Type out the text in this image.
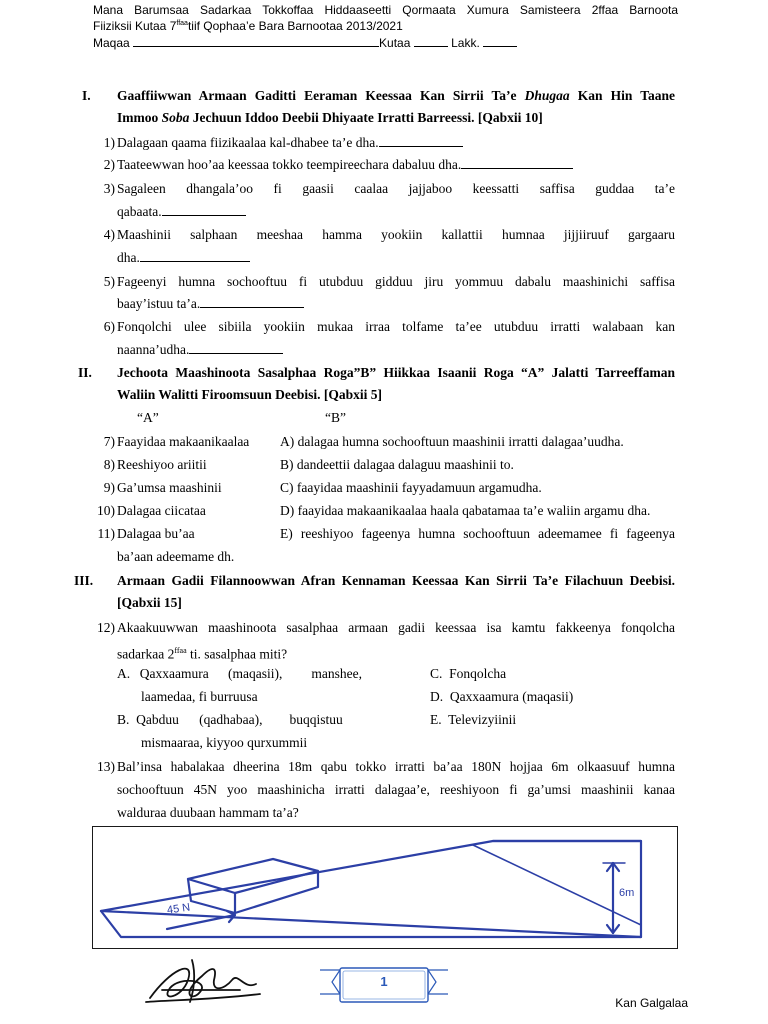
Mana Barumsaa Sadarkaa Tokkoffaa Hiddaaseetti Qormaata Xumura Samisteera 2ffaa Barnoota
Fiiziksii Kutaa $7^{ffaa}tiif$ Qophaa’e Bara Barnootaa 2013/2021
Maqaa	Kutaa	Lakk.
I. Gaaffiiwwan Armaan Gaditti Eeraman Keessaa Kan Sirrii Ta’e Dhugaa Kan Hin Taane
Immoo Soba Jechuun Iddoo Deebii Dhiyaate Irratti Barreessi. [Qabxii 10]
1) Dalagaan qaama fiizikaalaa kal-dhabee ta’e dha.
2) Taateewwan hoo’aa keessaa tokko teempireechara dabaluu dha.
3) Sagaleen dhangala’oo fi gaasii caalaa jajjaboo keessatti saffisa guddaa ta’e
qabaata.
4) Maashinii salphaan meeshaa hamma yookiin kallattii humnaa jijjiiruuf gargaaru
dha.
5) Fageenyi humna sochooftuu fi utubduu gidduu jiru yommuu dabalu maashinichi saffisa
baay’istuu ta’a.
6) Fonqolchi ulee sibiila yookiin mukaa irraa tolfame ta’ee utubduu irratti walabaan kan
naanna’udha.
II. Jechoota Maashinoota Sasalphaa Roga”B” Hiikkaa Isaanii Roga “A” Jalatti Tarreeffaman
Waliin Walitti Firoomsuun Deebisi. [Qabxii 5]
“A”	“B”
7) Faayidaa makaanikaalaa A) dalagaa humna sochooftuun maashinii irratti dalagaa’uudha.
8) Reeshiyoo ariitii	B) dandeettii dalagaa dalaguu maashinii to.
9) Ga’umsa maashinii	C) faayidaa maashinii fayyadamuun argamudha.
10) Dalagaa ciicataa	D) faayidaa makaanikaalaa haala qabatamaa ta’e waliin argamu dha.
11) Dalagaa bu’aa	E) reeshiyoo fageenya humna sochooftuun adeemamee fi fageenya
ba’aan adeemame dh.
III. Armaan Gadii Filannoowwan Afran Kennaman Keessaa Kan Sirrii Ta’e Filachuun Deebisi.
[Qabxii 15]
12) Akaakuuwwan maashinoota sasalphaa armaan gadii keessaa isa kamtu fakkeenya fonqolcha
sadarkaa $2^{ffaa}$ ti. sasalphaa miti?
A.  Qaxxaamura    (maqasii),      manshee,
laamedaa, fi burruusa
B.  Qabduu      (qadhabaa),        buqqistuu
mismaaraa, kiyyoo qurxummii
C.  Fonqolcha
D.  Qaxxaamura (maqasii)
E.  Televizyiinii
13) Bal’insa habalakaa dheerina 18m qabu tokko irratti ba’aa 180N hojjaa 6m olkaasuuf humna
sochooftuun 45N yoo maashinicha irratti dalagaa’e, reeshiyoon fi ga’umsi maashinii kanaa
walduraa duubaan hammam ta’a?
45 N
6m
1
Kan Galgalaa
